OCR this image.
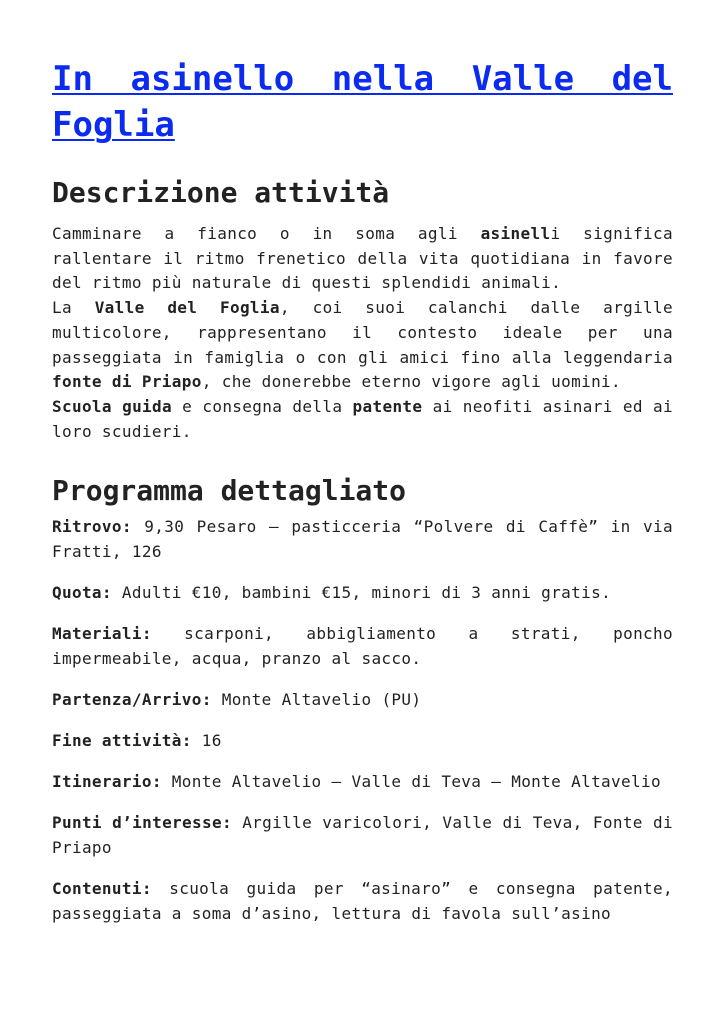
In asinello nella Valle del Foglia
Descrizione attività
Camminare a fianco o in soma agli asinelli significa
rallentare il ritmo frenetico della vita quotidiana in favore
del ritmo più naturale di questi splendidi animali.
La Valle del Foglia, coi suoi calanchi dalle argille
multicolore, rappresentano il contesto ideale per una
passeggiata in famiglia o con gli amici fino alla leggendaria
fonte di Priapo, che donerebbe eterno vigore agli uomini.
Scuola guida e consegna della patente ai neofiti asinari ed ai
loro scudieri.
Programma dettagliato
Ritrovo: 9,30 Pesaro – pasticceria “Polvere di Caffè” in via
Fratti, 126
Quota: Adulti €10, bambini €15, minori di 3 anni gratis.
Materiali: scarponi, abbigliamento a strati, poncho
impermeabile, acqua, pranzo al sacco.
Partenza/Arrivo: Monte Altavelio (PU)
Fine attività: 16
Itinerario: Monte Altavelio – Valle di Teva – Monte Altavelio
Punti d’interesse: Argille varicolori, Valle di Teva, Fonte di
Priapo
Contenuti: scuola guida per “asinaro” e consegna patente,
passeggiata a soma d’asino, lettura di favola sull’asino
